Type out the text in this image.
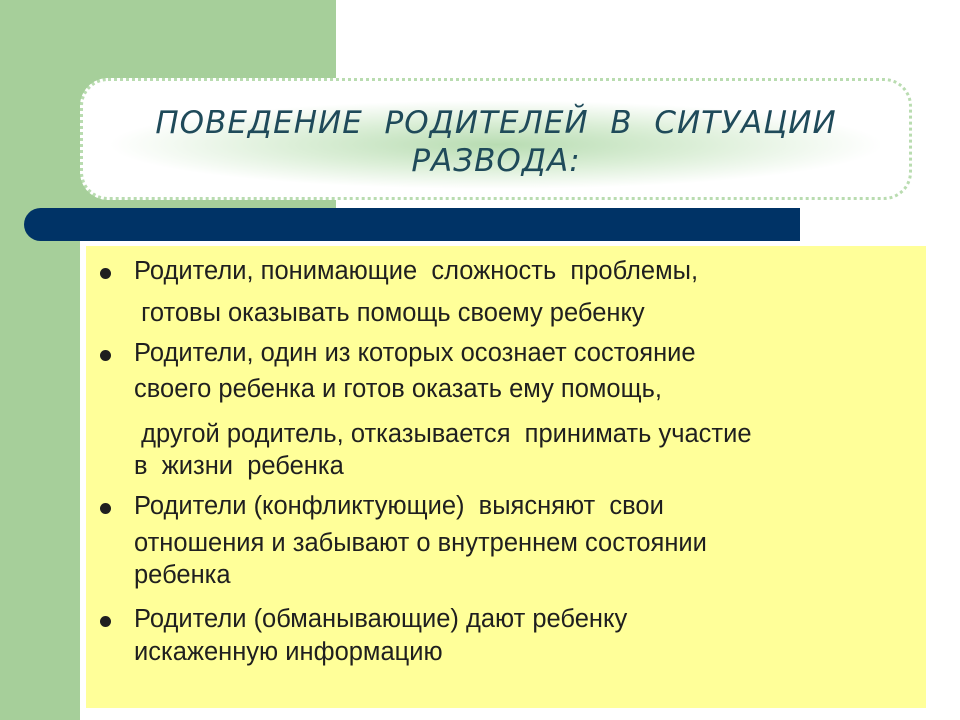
ПОВЕДЕНИЕ  РОДИТЕЛЕЙ  В  СИТУАЦИИ
РАЗВОДА:
Родители, понимающие  сложность  проблемы,
готовы оказывать помощь своему ребенку
Родители, один из которых осознает состояние
своего ребенка и готов оказать ему помощь,
другой родитель, отказывается  принимать участие
в  жизни  ребенка
Родители (конфликтующие)  выясняют  свои
отношения и забывают о внутреннем состоянии
ребенка
Родители (обманывающие) дают ребенку
искаженную информацию
